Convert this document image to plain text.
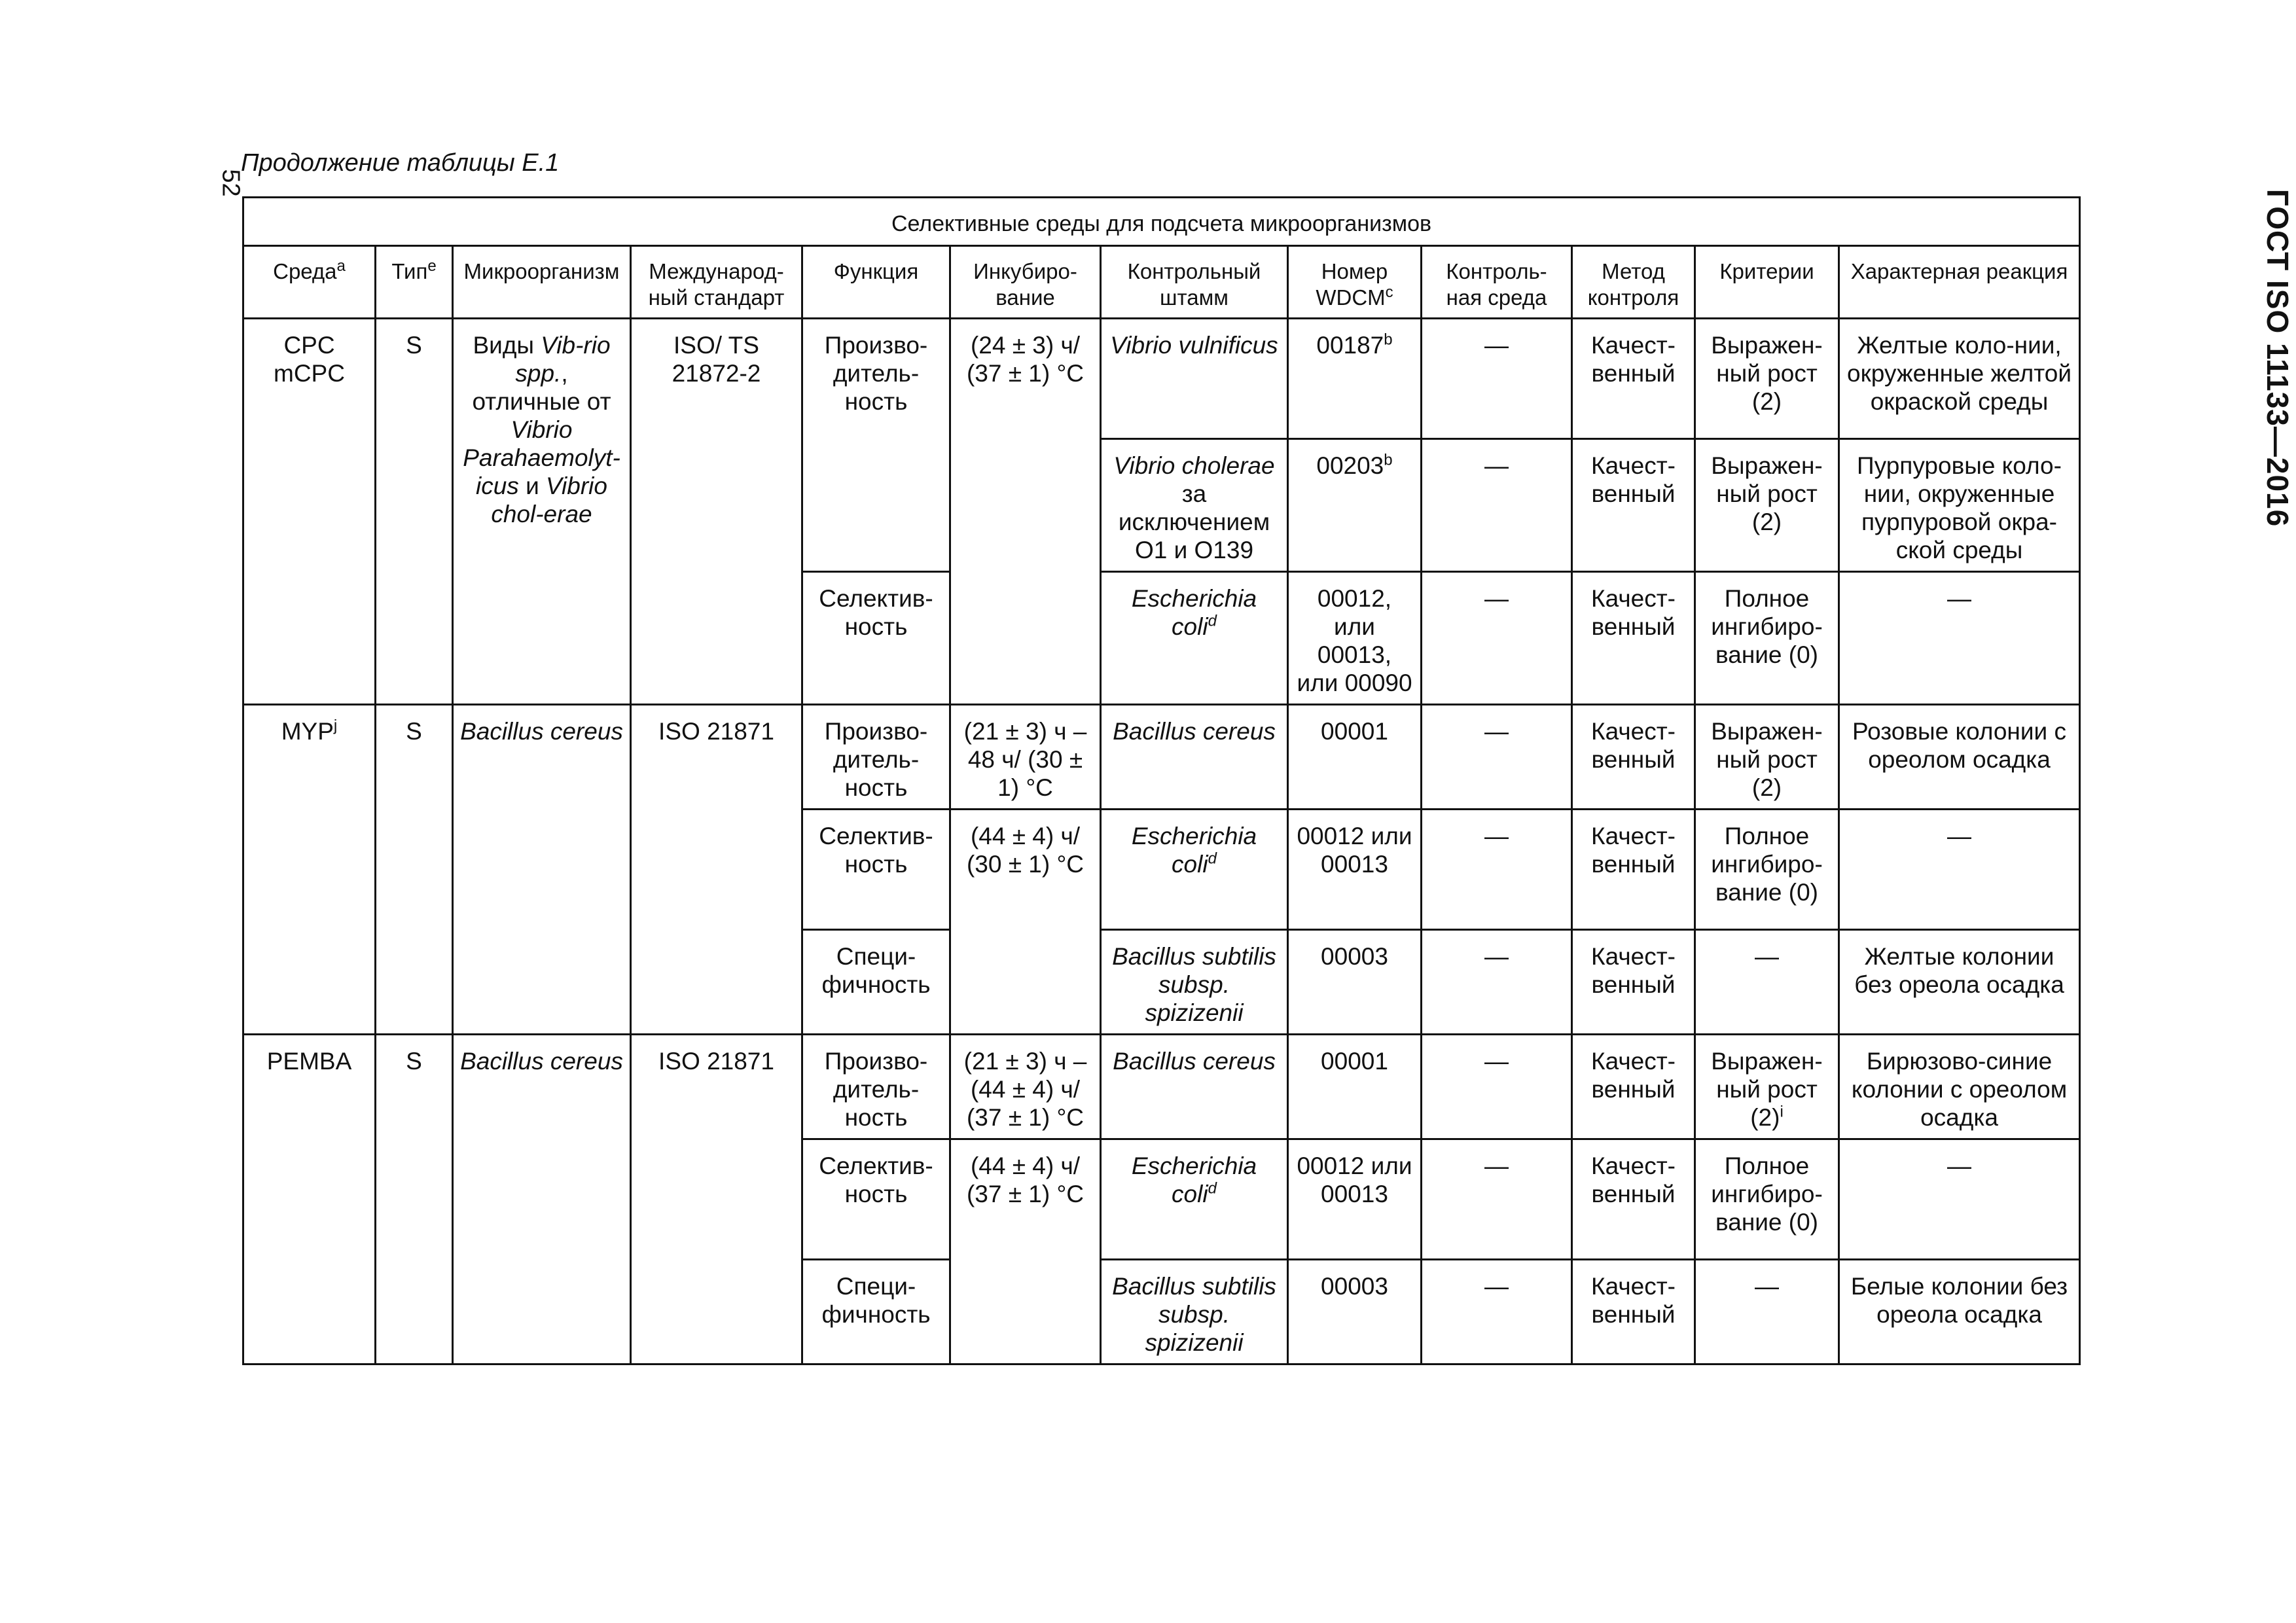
52
Продолжение таблицы E.1
ГОСТ ISO 11133—2016
Селективные среды для подсчета микроорганизмов											
Среда$^a$	Тип$^e$	Микроорганизм	Международ-ный стандарт	Функция	Инкубиро-вание	Контрольный штамм	Номер WDCM$^c$	Контроль-ная среда	Метод контроля	Критерии	Характерная реакция
CPC mCPC	S	Виды Vib-rio spp., отличные от Vibrio Parahaemolyt-icus и Vibrio chol-erae	ISO/ TS 21872-2	Произво-дитель-ность	(24 ± 3) ч/ (37 ± 1) °C	Vibrio vulnificus	00187$^b$	—	Качест-венный	Выражен-ный рост (2)	Желтые коло-нии, окруженные желтой окраской среды
						Vibrio cholerae за исключением O1 и O139	00203$^b$	—	Качест-венный	Выражен-ный рост (2)	Пурпуровые коло-нии, окруженные пурпуровой окра-ской среды
				Селектив-ность		Escherichia coli$^d$	00012, или 00013, или 00090	—	Качест-венный	Полное ингибиро-вание (0)	—
MYP$^j$	S	Bacillus cereus	ISO 21871	Произво-дитель-ность	(21 ± 3) ч – 48 ч/ (30 ± 1) °C	Bacillus cereus	00001	—	Качест-венный	Выражен-ный рост (2)	Розовые колонии с ореолом осадка
				Селектив-ность	(44 ± 4) ч/ (30 ± 1) °C	Escherichia coli$^d$	00012 или 00013	—	Качест-венный	Полное ингибиро-вание (0)	—
				Специ-фичность		Bacillus subtilis subsp. spizizenii	00003	—	Качест-венный	—	Желтые колонии без ореола осадка
PEMBA	S	Bacillus cereus	ISO 21871	Произво-дитель-ность	(21 ± 3) ч – (44 ± 4) ч/ (37 ± 1) °C	Bacillus cereus	00001	—	Качест-венный	Выражен-ный рост $(2)^i$	Бирюзово-синие колонии с ореолом осадка
				Селектив-ность	(44 ± 4) ч/ (37 ± 1) °C	Escherichia coli$^d$	00012 или 00013	—	Качест-венный	Полное ингибиро-вание (0)	—
				Специ-фичность		Bacillus subtilis subsp. spizizenii	00003	—	Качест-венный	—	Белые колонии без ореола осадка
